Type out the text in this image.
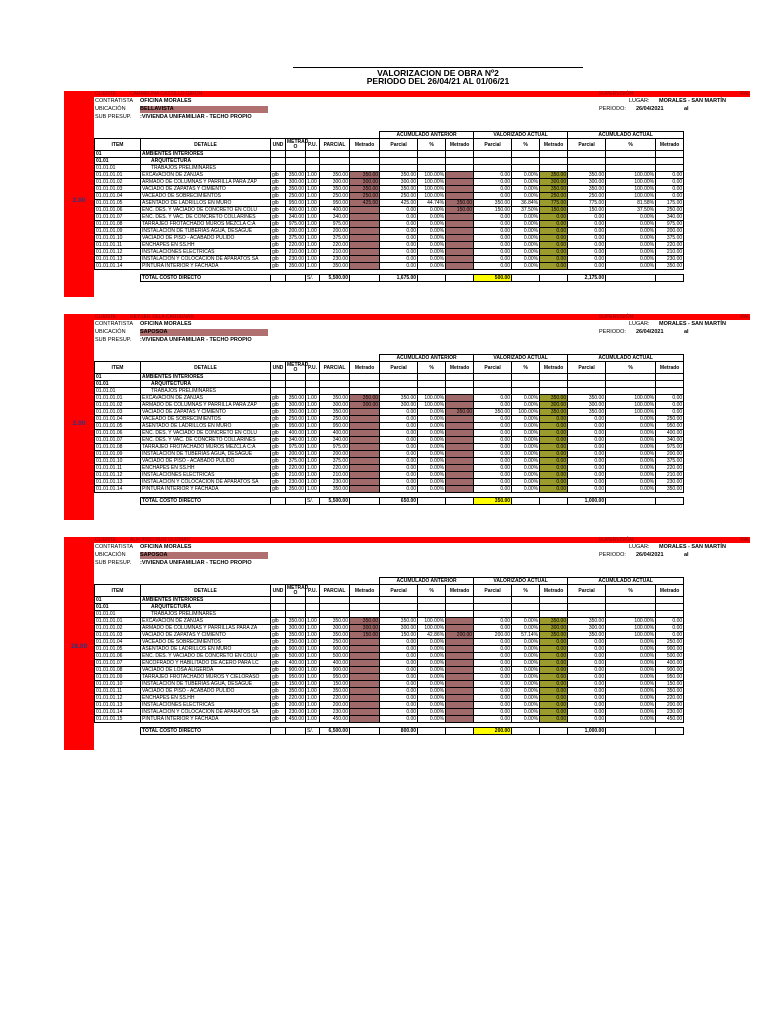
VALORIZACION DE OBRA Nº2
PERIODO DEL 26/04/21 AL 01/06/21
2.00
CLIENTE	CARMELINA CASTILLO GIRON	SUPERVISIÓN:	RAL
CONTRATISTA OFICINA MORALES
UBICACIÓN	BELLAVISTA
SUB PRESUP. :VIVIENDA UNIFAMILIAR - TECHO PROPIO
LUGAR: MORALES - SAN MARTÍN
PERIODO: 26/04/2021	al
							ACUMULADO ANTERIOR			VALORIZADO ACTUAL			ACUMULADO ACTUAL		
ITEM	DETALLE	UND	METRAD O	P.U.	PARCIAL	Metrado	Parcial	%	Metrado	Parcial	%	Metrado	Parcial	%	Metrado
01	AMBIENTES INTERIORES														
01.01	ARQUITECTURA														
01.01.01	TRABAJOS PRELIMINARES														
01.01.01.01	EXCAVACION DE ZANJAS	glb	350.00	1.00	350.00	350.00	350.00	100.00%		0.00	0.00%	350.00	350.00	100.00%	0.00
01.01.01.02	ARMADO DE COLUMNAS Y PARRILLA PARA ZAP	glb	300.00	1.00	300.00	300.00	300.00	100.00%		0.00	0.00%	300.00	300.00	100.00%	0.00
01.01.01.03	VACIADO DE ZAPATAS Y CIMIENTO	glb	350.00	1.00	350.00	350.00	350.00	100.00%		0.00	0.00%	350.00	350.00	100.00%	0.00
01.01.01.04	VACEADO DE SOBRECIMIENTOS	glb	250.00	1.00	250.00	250.00	250.00	100.00%		0.00	0.00%	250.00	250.00	100.00%	0.00
01.01.01.05	ASENTADO DE LADRILLOS EN MURO	glb	950.00	1.00	950.00	425.00	425.00	44.74%	350.00	350.00	36.84%	775.00	775.00	81.58%	175.00
01.01.01.06	ENC. DES. Y VACIADO DE CONCRETO EN COLU	glb	400.00	1.00	400.00		0.00	0.00%	150.00	150.00	37.50%	150.00	150.00	37.50%	250.00
01.01.01.07	ENC. DES. Y VAC. DE CONCRETO COLLARINES	glb	340.00	1.00	340.00		0.00	0.00%		0.00	0.00%	0.00	0.00	0.00%	340.00
01.01.01.08	TARRAJEO FROTACHADO MUROS MEZCLA C:A	glb	975.00	1.00	975.00		0.00	0.00%		0.00	0.00%	0.00	0.00	0.00%	975.00
01.01.01.09	INSTALACION DE TUBERIAS AGUA, DESAGUE	glb	200.00	1.00	200.00		0.00	0.00%		0.00	0.00%	0.00	0.00	0.00%	200.00
01.01.01.10	VACIADO DE PISO - ACABADO PULIDO	glb	375.00	1.00	375.00		0.00	0.00%		0.00	0.00%	0.00	0.00	0.00%	375.00
01.01.01.11	ENCHAPES EN SS.HH	glb	220.00	1.00	220.00		0.00	0.00%		0.00	0.00%	0.00	0.00	0.00%	220.00
01.01.01.12	INSTALACIONES ELECTRICAS	glb	210.00	1.00	210.00		0.00	0.00%		0.00	0.00%	0.00	0.00	0.00%	210.00
01.01.01.13	INSTALACION Y COLOCACIÓN DE APARATOS SA	glb	230.00	1.00	230.00		0.00	0.00%		0.00	0.00%	0.00	0.00	0.00%	230.00
01.01.01.14	PINTURA INTERIOR Y FACHADA	glb	350.00	1.00	350.00		0.00	0.00%		0.00	0.00%	0.00	0.00	0.00%	350.00

	TOTAL COSTO DIRECTO			S/.	5,500.00		1,675.00			500.00			2,175.00		
2.00
CLIENTE	REYSER VELA CARDENAS	SUPERVISIÓN:	RAL
CONTRATISTA OFICINA MORALES
UBICACIÓN	SAPOSOA
SUB PRESUP. :VIVIENDA UNIFAMILIAR - TECHO PROPIO
LUGAR: MORALES - SAN MARTÍN
PERIODO: 26/04/2021	al
							ACUMULADO ANTERIOR			VALORIZADO ACTUAL			ACUMULADO ACTUAL		
ITEM	DETALLE	UND	METRAD O	P.U.	PARCIAL	Metrado	Parcial	%	Metrado	Parcial	%	Metrado	Parcial	%	Metrado
01	AMBIENTES INTERIORES														
01.01	ARQUITECTURA														
01.01.01	TRABAJOS PRELIMINARES														
01.01.01.01	EXCAVACION DE ZANJAS	glb	350.00	1.00	350.00	350.00	350.00	100.00%		0.00	0.00%	350.00	350.00	100.00%	0.00
01.01.01.02	ARMADO DE COLUMNAS Y PARRILLA PARA ZAP	glb	300.00	1.00	300.00	300.00	300.00	100.00%		0.00	0.00%	300.00	300.00	100.00%	0.00
01.01.01.03	VACIADO DE ZAPATAS Y CIMIENTO	glb	350.00	1.00	350.00		0.00	0.00%	350.00	350.00	100.00%	350.00	350.00	100.00%	0.00
01.01.01.04	VACEADO DE SOBRECIMIENTOS	glb	250.00	1.00	250.00		0.00	0.00%		0.00	0.00%	0.00	0.00	0.00%	250.00
01.01.01.05	ASENTADO DE LADRILLOS EN MURO	glb	950.00	1.00	950.00		0.00	0.00%		0.00	0.00%	0.00	0.00	0.00%	950.00
01.01.01.06	ENC. DES. Y VACIADO DE CONCRETO EN COLU	glb	400.00	1.00	400.00		0.00	0.00%		0.00	0.00%	0.00	0.00	0.00%	400.00
01.01.01.07	ENC. DES. Y VAC. DE CONCRETO COLLARINES	glb	340.00	1.00	340.00		0.00	0.00%		0.00	0.00%	0.00	0.00	0.00%	340.00
01.01.01.08	TARRAJEO FROTACHADO MUROS MEZCLA C:A	glb	975.00	1.00	975.00		0.00	0.00%		0.00	0.00%	0.00	0.00	0.00%	975.00
01.01.01.09	INSTALACION DE TUBERIAS AGUA, DESAGUE	glb	200.00	1.00	200.00		0.00	0.00%		0.00	0.00%	0.00	0.00	0.00%	200.00
01.01.01.10	VACIADO DE PISO - ACABADO PULIDO	glb	375.00	1.00	375.00		0.00	0.00%		0.00	0.00%	0.00	0.00	0.00%	375.00
01.01.01.11	ENCHAPES EN SS.HH	glb	220.00	1.00	220.00		0.00	0.00%		0.00	0.00%	0.00	0.00	0.00%	220.00
01.01.01.12	INSTALACIONES ELECTRICAS	glb	210.00	1.00	210.00		0.00	0.00%		0.00	0.00%	0.00	0.00	0.00%	210.00
01.01.01.13	INSTALACION Y COLOCACIÓN DE APARATOS SA	glb	230.00	1.00	230.00		0.00	0.00%		0.00	0.00%	0.00	0.00	0.00%	230.00
01.01.01.14	PINTURA INTERIOR Y FACHADA	glb	350.00	1.00	350.00		0.00	0.00%		0.00	0.00%	0.00	0.00	0.00%	350.00

	TOTAL COSTO DIRECTO			S/.	5,500.00		650.00			350.00			1,000.00		
18.00
CLIENTE	ALFONSO RUIZ GUZMAN	SUPERVISIÓN:	RAL
CONTRATISTA OFICINA MORALES
UBICACIÓN	SAPOSOA
SUB PRESUP. :VIVIENDA UNIFAMILIAR - TECHO PROPIO
LUGAR: MORALES - SAN MARTÍN
PERIODO: 26/04/2021	al
							ACUMULADO ANTERIOR			VALORIZADO ACTUAL			ACUMULADO ACTUAL		
ITEM	DETALLE	UND	METRAD O	P.U.	PARCIAL	Metrado	Parcial	%	Metrado	Parcial	%	Metrado	Parcial	%	Metrado
01	AMBIENTES INTERIORES														
01.01	ARQUITECTURA														
01.01.01	TRABAJOS PRELIMINARES														
01.01.01.01	EXCAVACION DE ZANJAS	glb	350.00	1.00	350.00	350.00	350.00	100.00%		0.00	0.00%	350.00	350.00	100.00%	0.00
01.01.01.02	ARMADO DE COLUMNAS Y PARRILLAS PARA ZA	glb	300.00	1.00	300.00	300.00	300.00	100.00%		0.00	0.00%	300.00	300.00	100.00%	0.00
01.01.01.03	VACIADO DE ZAPATAS Y CIMIENTO	glb	350.00	1.00	350.00	150.00	150.00	42.86%	200.00	200.00	57.14%	350.00	350.00	100.00%	0.00
01.01.01.04	VACEADO DE SOBRECIMIENTOS	glb	250.00	1.00	250.00		0.00	0.00%		0.00	0.00%	0.00	0.00	0.00%	250.00
01.01.01.05	ASENTADO DE LADRILLOS EN MURO	glb	900.00	1.00	900.00		0.00	0.00%		0.00	0.00%	0.00	0.00	0.00%	900.00
01.01.01.06	ENC. DES. Y VACIADO DE CONCRETO EN COLU	glb	500.00	1.00	500.00		0.00	0.00%		0.00	0.00%	0.00	0.00	0.00%	500.00
01.01.01.07	ENCOFRADO Y HABILITADO DE ACERO PARA LC	glb	400.00	1.00	400.00		0.00	0.00%		0.00	0.00%	0.00	0.00	0.00%	400.00
01.01.01.08	VACIADO DE LOSA ALIGERDA	glb	900.00	1.00	900.00		0.00	0.00%		0.00	0.00%	0.00	0.00	0.00%	900.00
01.01.01.09	TARRAJEO FROTACHADO MUROS Y CIELORASO	glb	950.00	1.00	950.00		0.00	0.00%		0.00	0.00%	0.00	0.00	0.00%	950.00
01.01.01.10	INSTALACION DE TUBERIAS AGUA, DESAGUE	glb	150.00	1.00	150.00		0.00	0.00%		0.00	0.00%	0.00	0.00	0.00%	150.00
01.01.01.11	VACIADO DE PISO - ACABADO PULIDO	glb	350.00	1.00	350.00		0.00	0.00%		0.00	0.00%	0.00	0.00	0.00%	350.00
01.01.01.12	ENCHAPES EN SS.HH	glb	220.00	1.00	220.00		0.00	0.00%		0.00	0.00%	0.00	0.00	0.00%	220.00
01.01.01.13	INSTALACIONES ELECTRICAS	glb	200.00	1.00	200.00		0.00	0.00%		0.00	0.00%	0.00	0.00	0.00%	200.00
01.01.01.14	INSTALACION Y COLOCACIÓN DE APARATOS SA	glb	230.00	1.00	230.00		0.00	0.00%		0.00	0.00%	0.00	0.00	0.00%	230.00
01.01.01.15	PINTURA INTERIOR Y FACHADA	glb	450.00	1.00	450.00		0.00	0.00%		0.00	0.00%	0.00	0.00	0.00%	450.00

	TOTAL COSTO DIRECTO			S/.	6,500.00		800.00			200.00			1,000.00		
